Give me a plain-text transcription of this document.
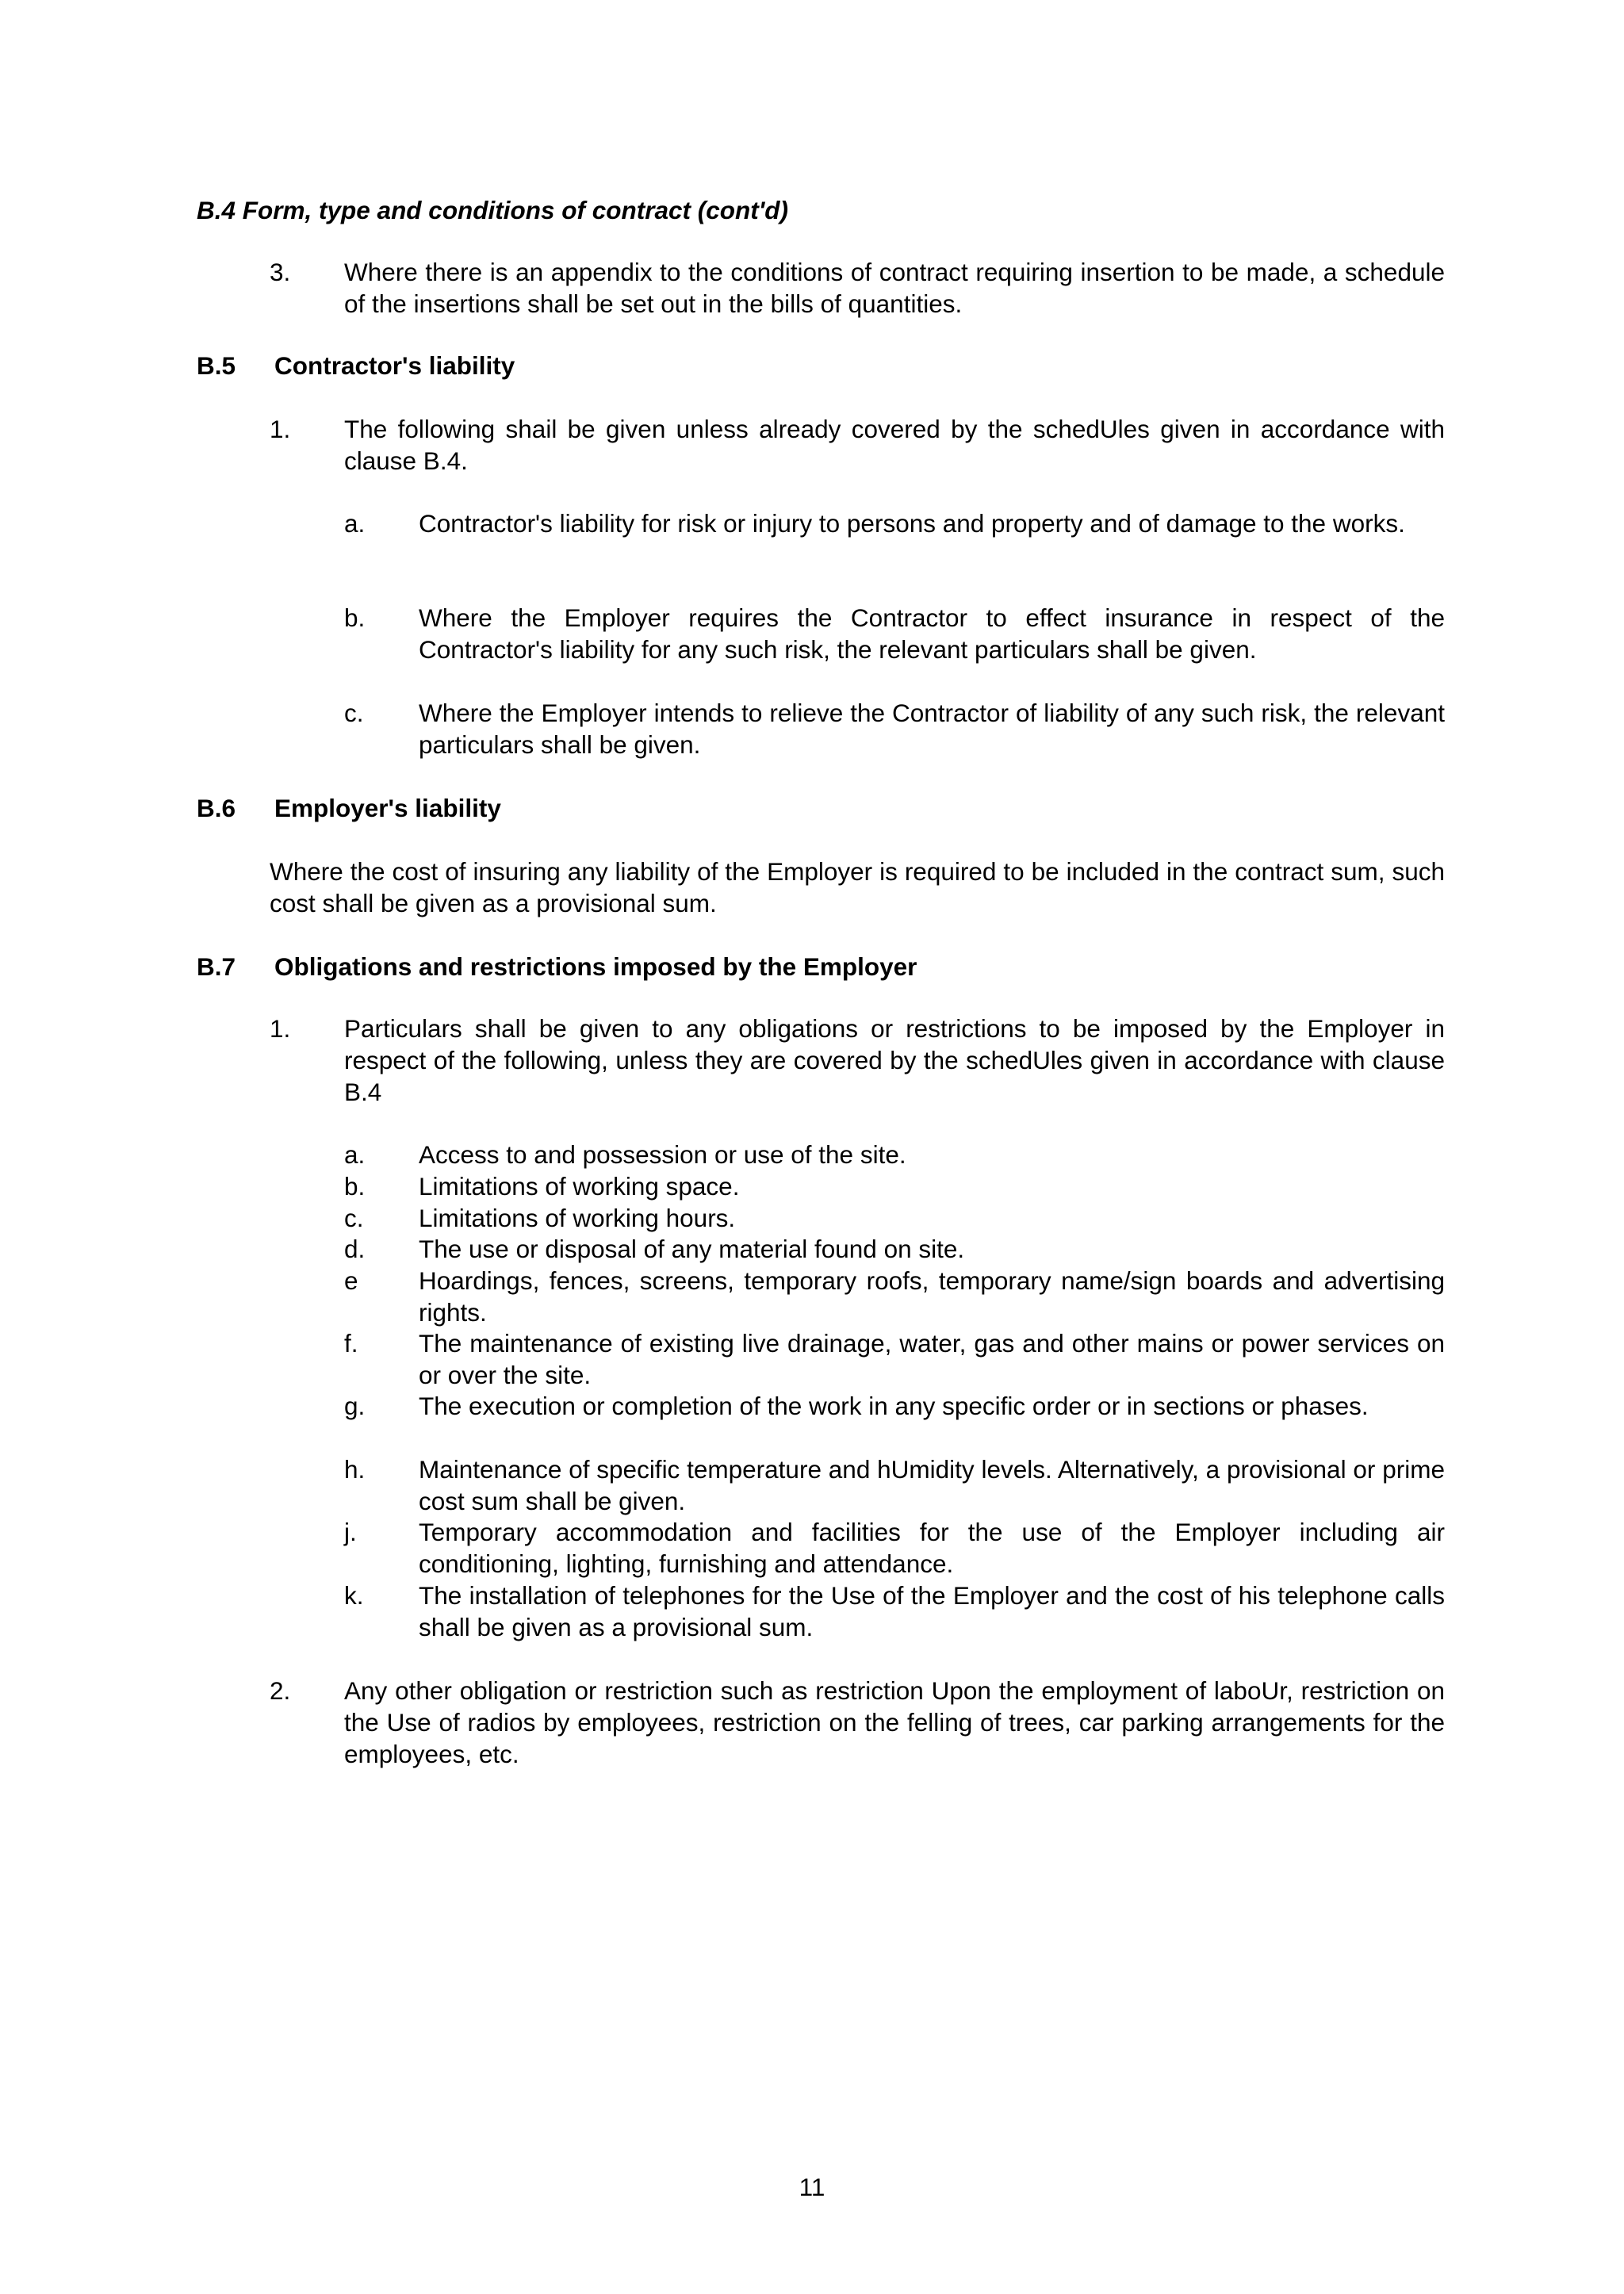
B.4 Form, type and conditions of contract (cont'd)
3. Where there is an appendix to the conditions of contract requiring insertion to be made, a schedule of the insertions shall be set out in the bills of quantities.
B.5 Contractor's liability
1. The following shail be given unless already covered by the schedUles given in accordance with clause B.4.
a. Contractor's liability for risk or injury to persons and property and of damage to the works.
b. Where the Employer requires the Contractor to effect insurance in respect of the Contractor's liability for any such risk, the relevant particulars shall be given.
c. Where the Employer intends to relieve the Contractor of liability of any such risk, the relevant particulars shall be given.
B.6 Employer's liability
Where the cost of insuring any liability of the Employer is required to be included in the contract sum, such cost shall be given as a provisional sum.
B.7 Obligations and restrictions imposed by the Employer
1. Particulars shall be given to any obligations or restrictions to be imposed by the Employer in respect of the following, unless they are covered by the schedUles given in accordance with clause B.4
a. Access to and possession or use of the site.
b. Limitations of working space.
c. Limitations of working hours.
d. The use or disposal of any material found on site.
e Hoardings, fences, screens, temporary roofs, temporary name/sign boards and advertising rights.
f. The maintenance of existing live drainage, water, gas and other mains or power services on or over the site.
g. The execution or completion of the work in any specific order or in sections or phases.
h. Maintenance of specific temperature and hUmidity levels. Alternatively, a provisional or prime cost sum shall be given.
j. Temporary accommodation and facilities for the use of the Employer including air conditioning, lighting, furnishing and attendance.
k. The installation of telephones for the Use of the Employer and the cost of his telephone calls shall be given as a provisional sum.
2. Any other obligation or restriction such as restriction Upon the employment of laboUr, restriction on the Use of radios by employees, restriction on the felling of trees, car parking arrangements for the employees, etc.
11
